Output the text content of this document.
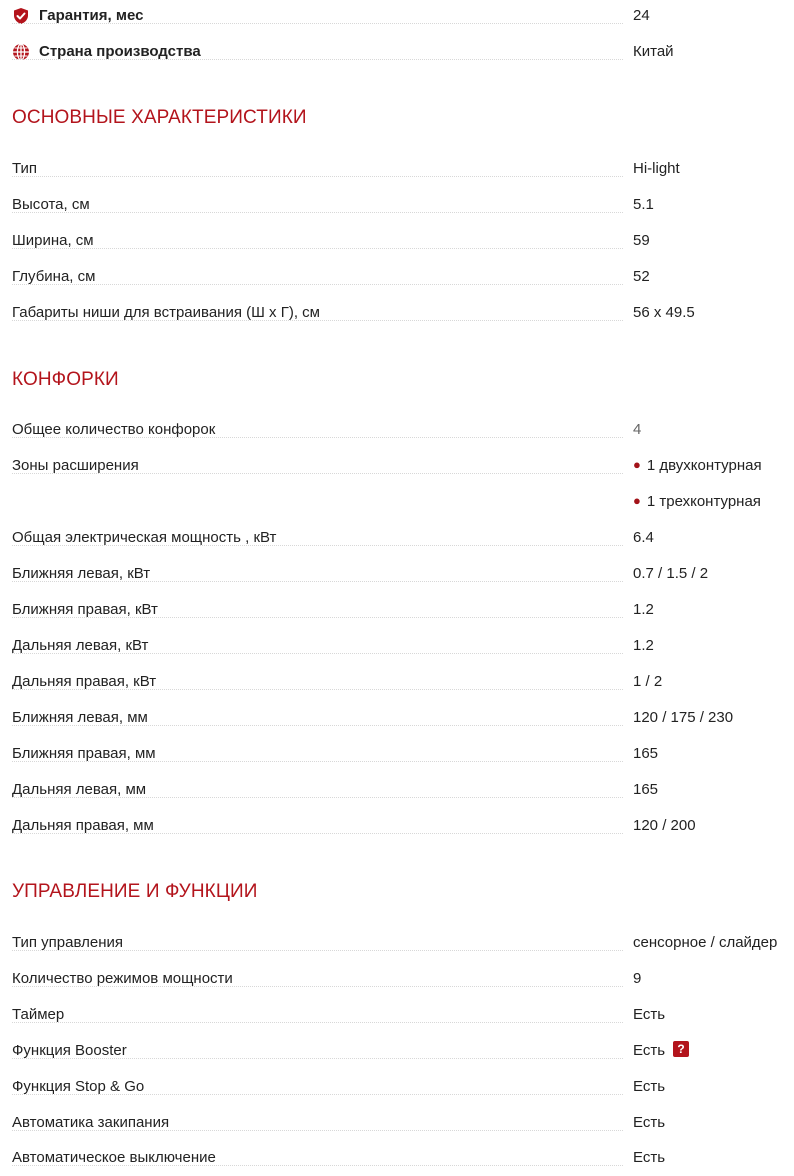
Гарантия, мес	24
Страна производства	Китай
ОСНОВНЫЕ ХАРАКТЕРИСТИКИ
Тип	Hi-light
Высота, см	5.1
Ширина, см	59
Глубина, см	52
Габариты ниши для встраивания (Ш х Г), см	56 x 49.5
КОНФОРКИ
Общее количество конфорок	4
Зоны расширения	● 1 двухконтурная
● 1 трехконтурная
Общая электрическая мощность , кВт	6.4
Ближняя левая, кВт	0.7 / 1.5 / 2
Ближняя правая, кВт	1.2
Дальняя левая, кВт	1.2
Дальняя правая, кВт	1 / 2
Ближняя левая, мм	120 / 175 / 230
Ближняя правая, мм	165
Дальняя левая, мм	165
Дальняя правая, мм	120 / 200
УПРАВЛЕНИЕ И ФУНКЦИИ
Тип управления	сенсорное / слайдер
Количество режимов мощности	9
Таймер	Есть
Функция Booster	Есть ?
Функция Stop & Go	Есть
Автоматика закипания	Есть
Автоматическое выключение	Есть
